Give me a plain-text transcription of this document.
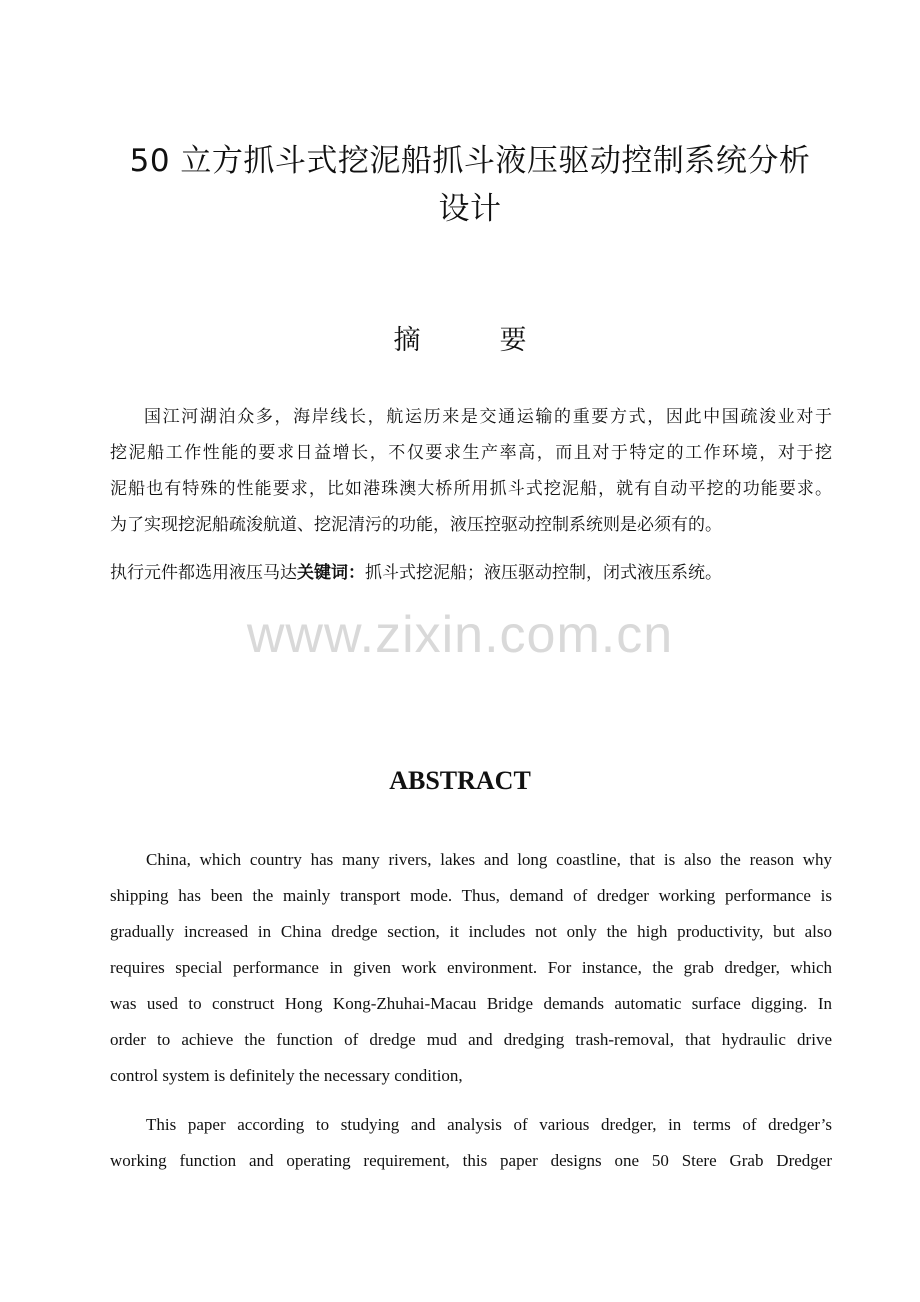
50 立方抓斗式挖泥船抓斗液压驱动控制系统分析
设计
摘　要
国江河湖泊众多，海岸线长，航运历来是交通运输的重要方式，因此中国疏浚业对于
挖泥船工作性能的要求日益增长，不仅要求生产率高，而且对于特定的工作环境，对于挖
泥船也有特殊的性能要求，比如港珠澳大桥所用抓斗式挖泥船，就有自动平挖的功能要求。
为了实现挖泥船疏浚航道、挖泥清污的功能，液压控驱动控制系统则是必须有的。
执行元件都选用液压马达关键词：抓斗式挖泥船；液压驱动控制，闭式液压系统。
www.zixin.com.cn
ABSTRACT
China, which country has many rivers, lakes and long coastline, that is also the reason why
shipping has been the mainly transport mode. Thus, demand of dredger working performance is
gradually increased in China dredge section, it includes not only the high productivity, but also
requires special performance in given work environment. For instance, the grab dredger, which
was used to construct Hong Kong-Zhuhai-Macau Bridge demands automatic surface digging. In
order to achieve the function of dredge mud and dredging trash-removal, that hydraulic drive
control system is definitely the necessary condition,
This paper according to studying and analysis of various dredger, in terms of dredger’s
working function and operating requirement, this paper designs one 50 Stere Grab Dredger
